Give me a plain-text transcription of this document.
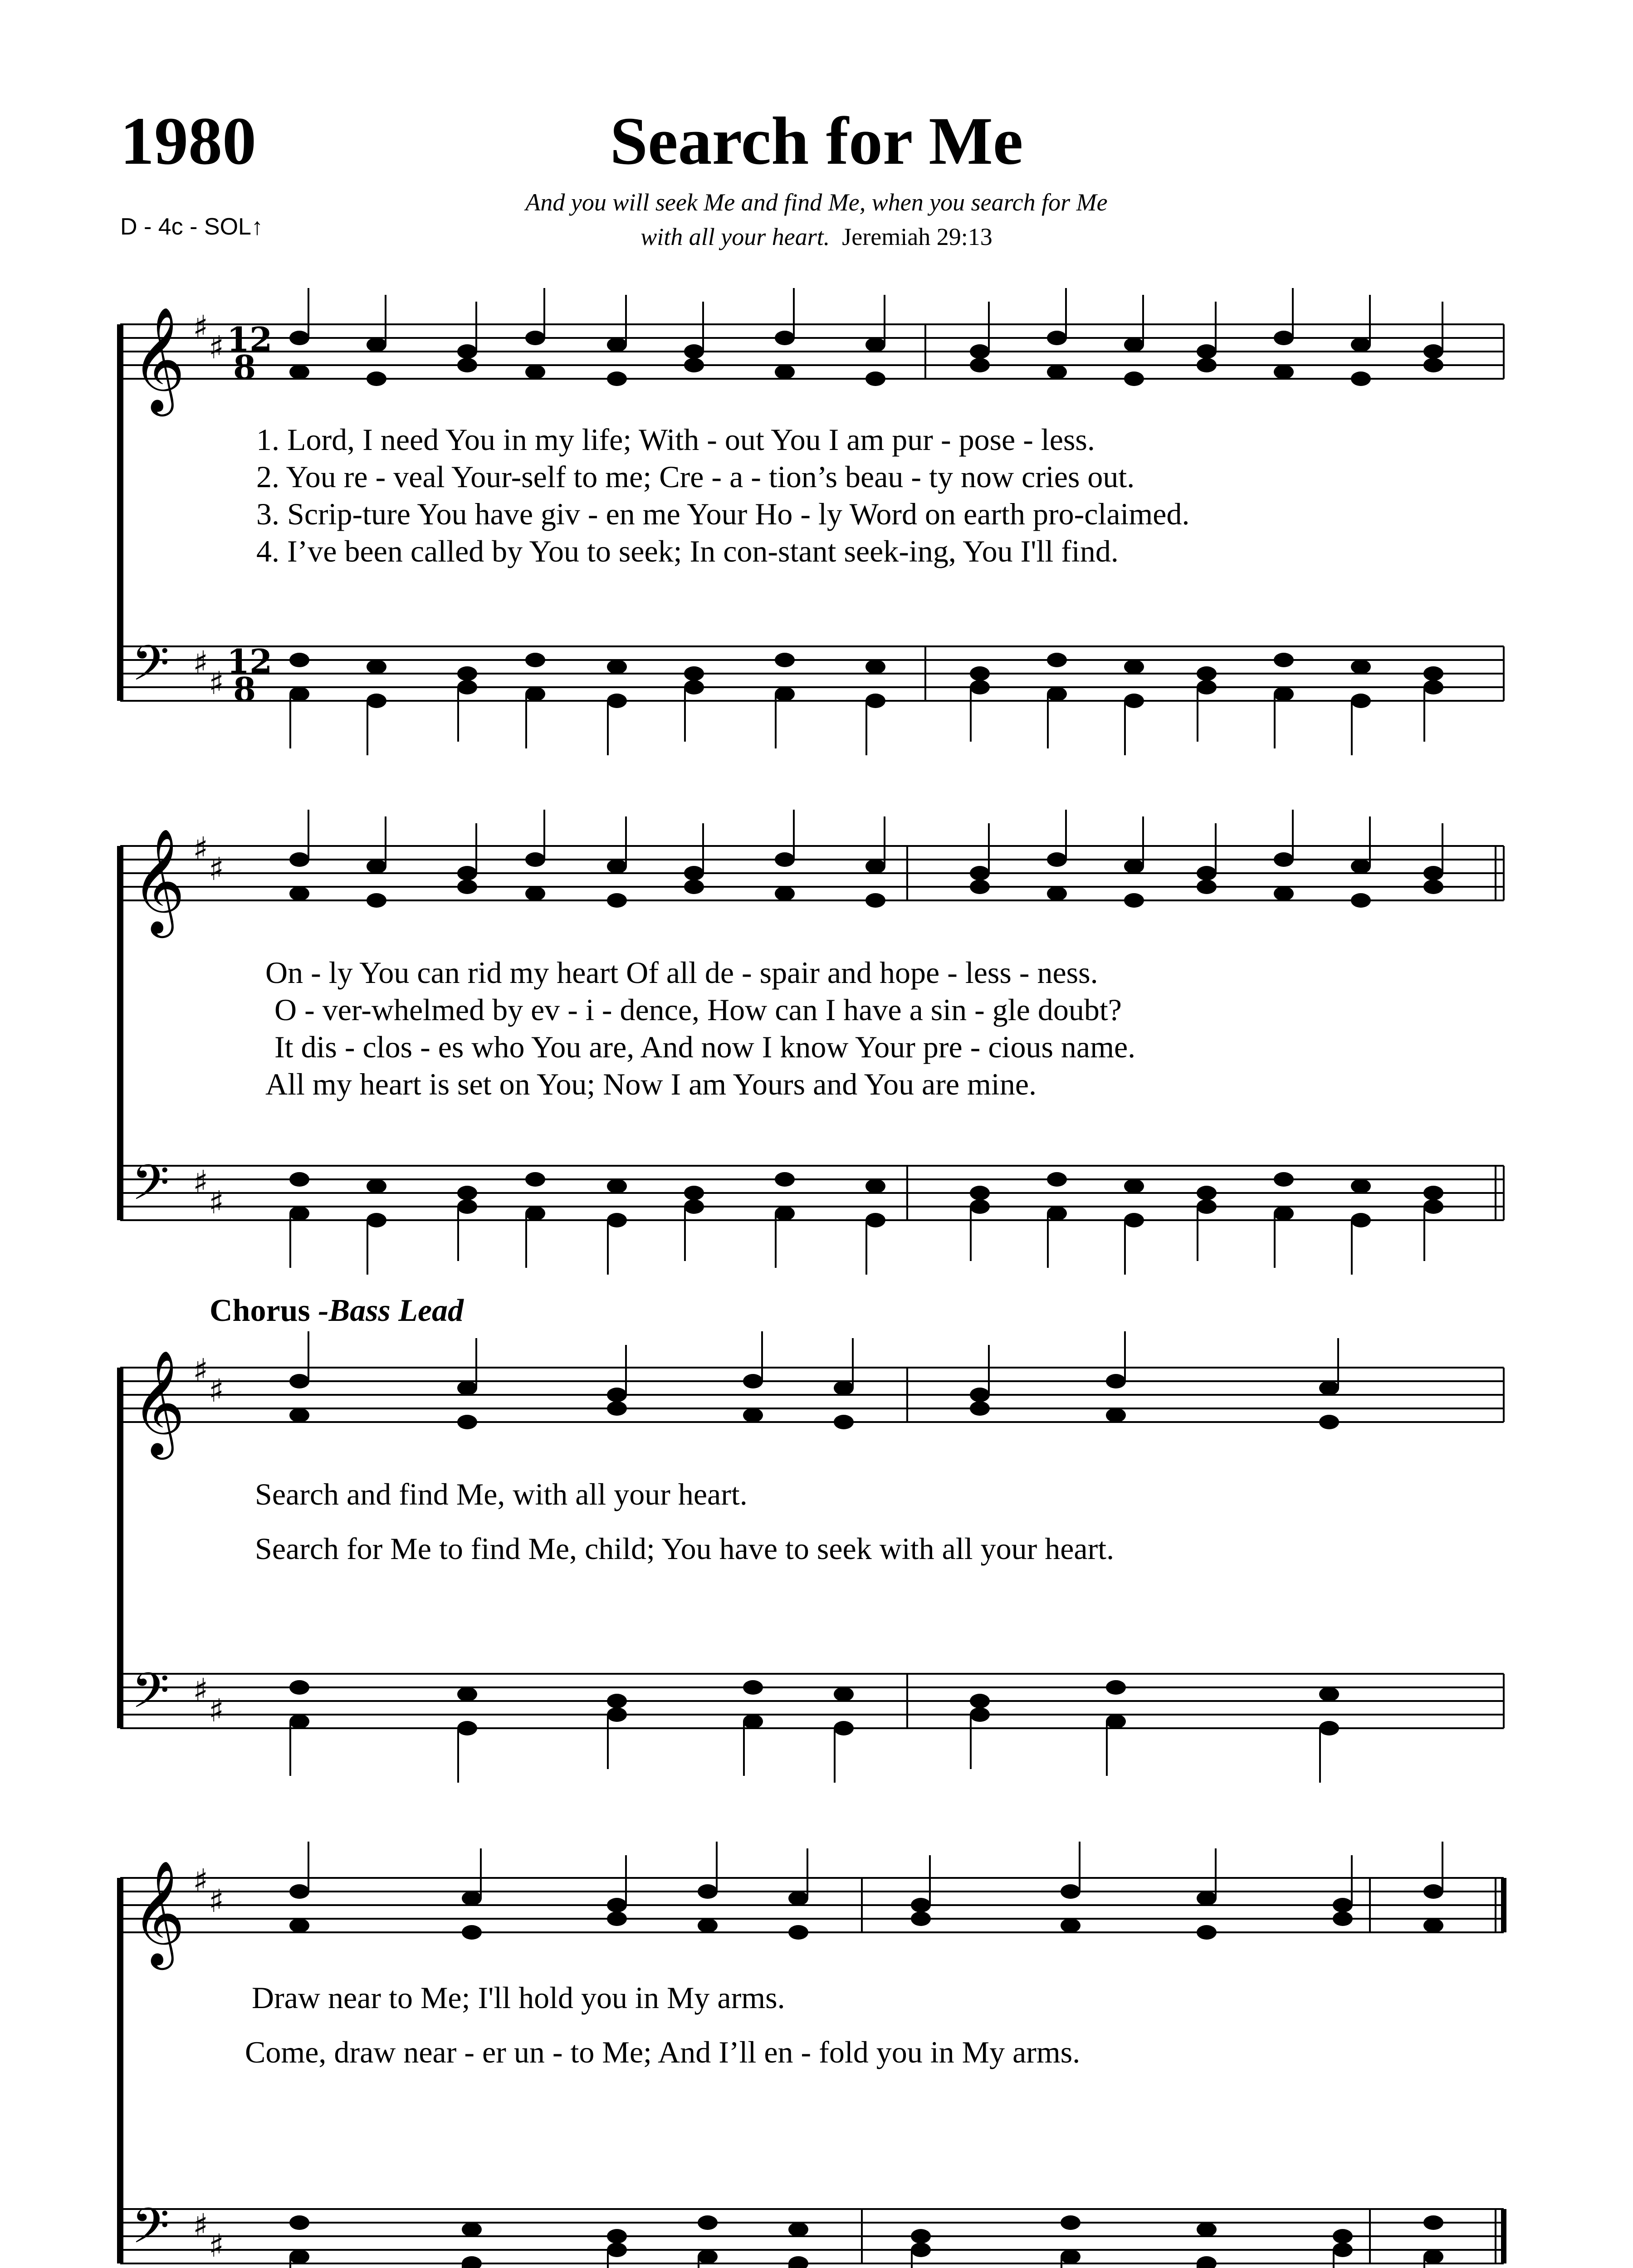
1980	Search for Me
And you will seek Me and find Me, when you search for Me
with all your heart. Jeremiah 29:13
D - 4c - SOL↑
𝄞
𝄢
♯
♯
♯
♯
12
8
12
8
𝄞
𝄢
♯
♯
♯
♯
𝄞
𝄢
♯
♯
♯
♯
𝄞
𝄢
♯
♯
♯
♯
1. Lord, I need You in my life; With - out You I am pur - pose - less.
2. You re - veal Your-self to me; Cre - a - tion’s beau - ty now cries out.
3. Scrip-ture You have giv - en me Your Ho - ly Word on earth pro-claimed.
4. I’ve been called by You to seek; In con-stant seek-ing, You I'll find.
On - ly You can rid my heart Of all de - spair and hope - less - ness.
O - ver-whelmed by ev - i - dence, How can I have a sin - gle doubt?
It dis - clos - es who You are, And now I know Your pre - cious name.
All my heart is set on You; Now I am Yours and You are mine.
Chorus -Bass Lead
Search and find Me, with all your heart.
Search for Me to find Me, child; You have to seek with all your heart.
Draw near to Me; I'll hold you in My arms.
Come, draw near - er un - to Me; And I’ll en - fold you in My arms.
